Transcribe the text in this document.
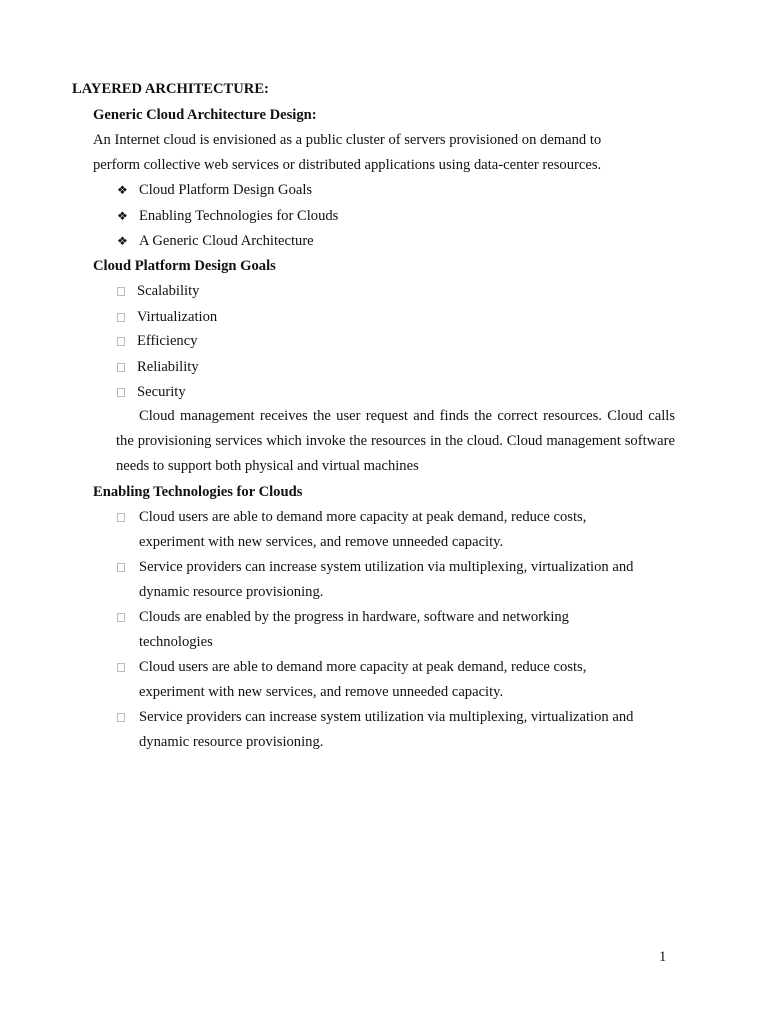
LAYERED ARCHITECTURE:
Generic Cloud Architecture Design:
An Internet cloud is envisioned as a public cluster of servers provisioned on demand to
perform collective web services or distributed applications using data-center resources.
❖ Cloud Platform Design Goals
❖ Enabling Technologies for Clouds
❖ A Generic Cloud Architecture
Cloud Platform Design Goals
Scalability
Virtualization
Efficiency
Reliability
Security
Cloud management receives the user request and finds the correct resources. Cloud calls the provisioning services which invoke the resources in the cloud. Cloud management software needs to support both physical and virtual machines
Enabling Technologies for Clouds
Cloud users are able to demand more capacity at peak demand, reduce costs, experiment with new services, and remove unneeded capacity.
Service providers can increase system utilization via multiplexing, virtualization and dynamic resource provisioning.
Clouds are enabled by the progress in hardware, software and networking technologies
Cloud users are able to demand more capacity at peak demand, reduce costs, experiment with new services, and remove unneeded capacity.
Service providers can increase system utilization via multiplexing, virtualization and dynamic resource provisioning.
1
